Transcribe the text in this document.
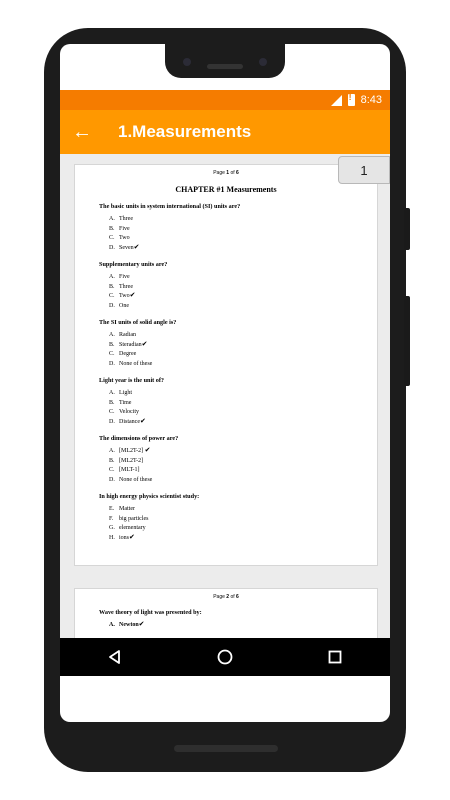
!
8:43
←	1.Measurements
Page 1 of 6
CHAPTER #1 Measurements
The basic units in system international (SI) units are?
A. Three
B. Five
C. Two
D. Seven✔
Supplementary units are?
A. Five
B. Three
C. Two✔
D. One
The SI units of solid angle is?
A. Radian
B. Steradian✔
C. Degree
D. None of these
Light year is the unit of?
A. Light
B. Time
C. Velocity
D. Distance✔
The dimensions of power are?
A. [ML2T-2] ✔
B. [ML2T-2]
C. [MLT-1]
D. None of these
In high energy physics scientist study:
E. Matter
F. big particles
G. elementary
H. ions✔
Page 2 of 6
Wave theory of light was presented by:
A. Newton✔
1
